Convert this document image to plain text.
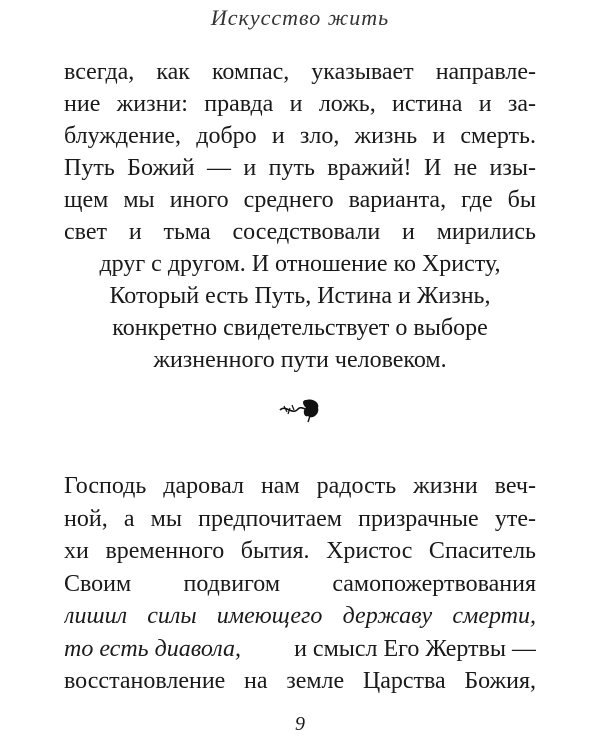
Искусство жить
всегда, как компас, указывает направле-
ние жизни: правда и ложь, истина и за-
блуждение, добро и зло, жизнь и смерть.
Путь Божий — и путь вражий! И не изы-
щем мы иного среднего варианта, где бы
свет и тьма соседствовали и мирились
друг с другом. И отношение ко Христу,
Который есть Путь, Истина и Жизнь,
конкретно свидетельствует о выборе
жизненного пути человеком.
Господь даровал нам радость жизни веч-
ной, а мы предпочитаем призрачные уте-
хи временного бытия. Христос Спаситель
Своим подвигом самопожертвования
лишил силы имеющего державу смерти,
то есть диавола, и смысл Его Жертвы —
восстановление на земле Царства Божия,
9
